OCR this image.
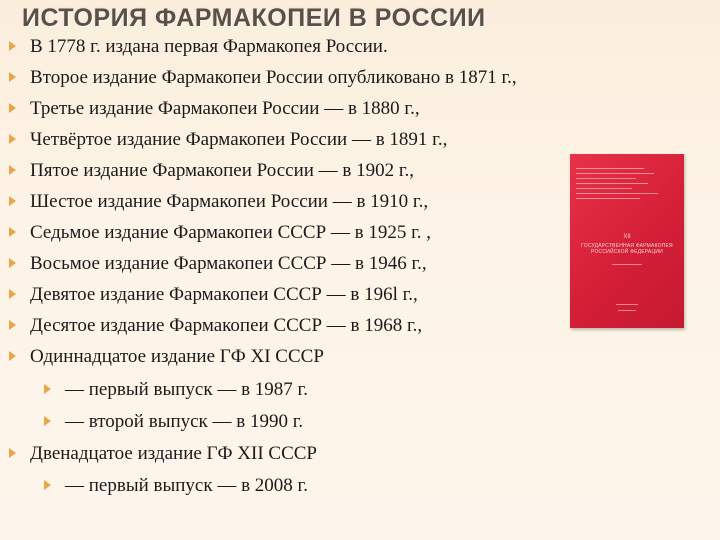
ИСТОРИЯ ФАРМАКОПЕИ В РОССИИ
В 1778 г. издана первая Фармакопея России.
Второе издание Фармакопеи России опубликовано в 1871 г.,
Третье издание Фармакопеи России — в 1880 г.,
Четвёртое издание Фармакопеи России — в 1891 г.,
Пятое издание Фармакопеи России — в 1902 г.,
Шестое издание Фармакопеи России — в 1910 г.,
Седьмое издание Фармакопеи СССР — в 1925 г. ,
Восьмое издание Фармакопеи СССР — в 1946 г.,
Девятое издание Фармакопеи СССР — в 196l г.,
Десятое издание Фармакопеи СССР — в 1968 г.,
Одиннадцатое издание ГФ XI СССР
— первый выпуск — в 1987 г.
— второй выпуск — в 1990 г.
Двенадцатое издание ГФ XII СССР
— первый выпуск — в 2008 г.
XII
ГОСУДАРСТВЕННАЯ ФАРМАКОПЕЯ
РОССИЙСКОЙ ФЕДЕРАЦИИ
